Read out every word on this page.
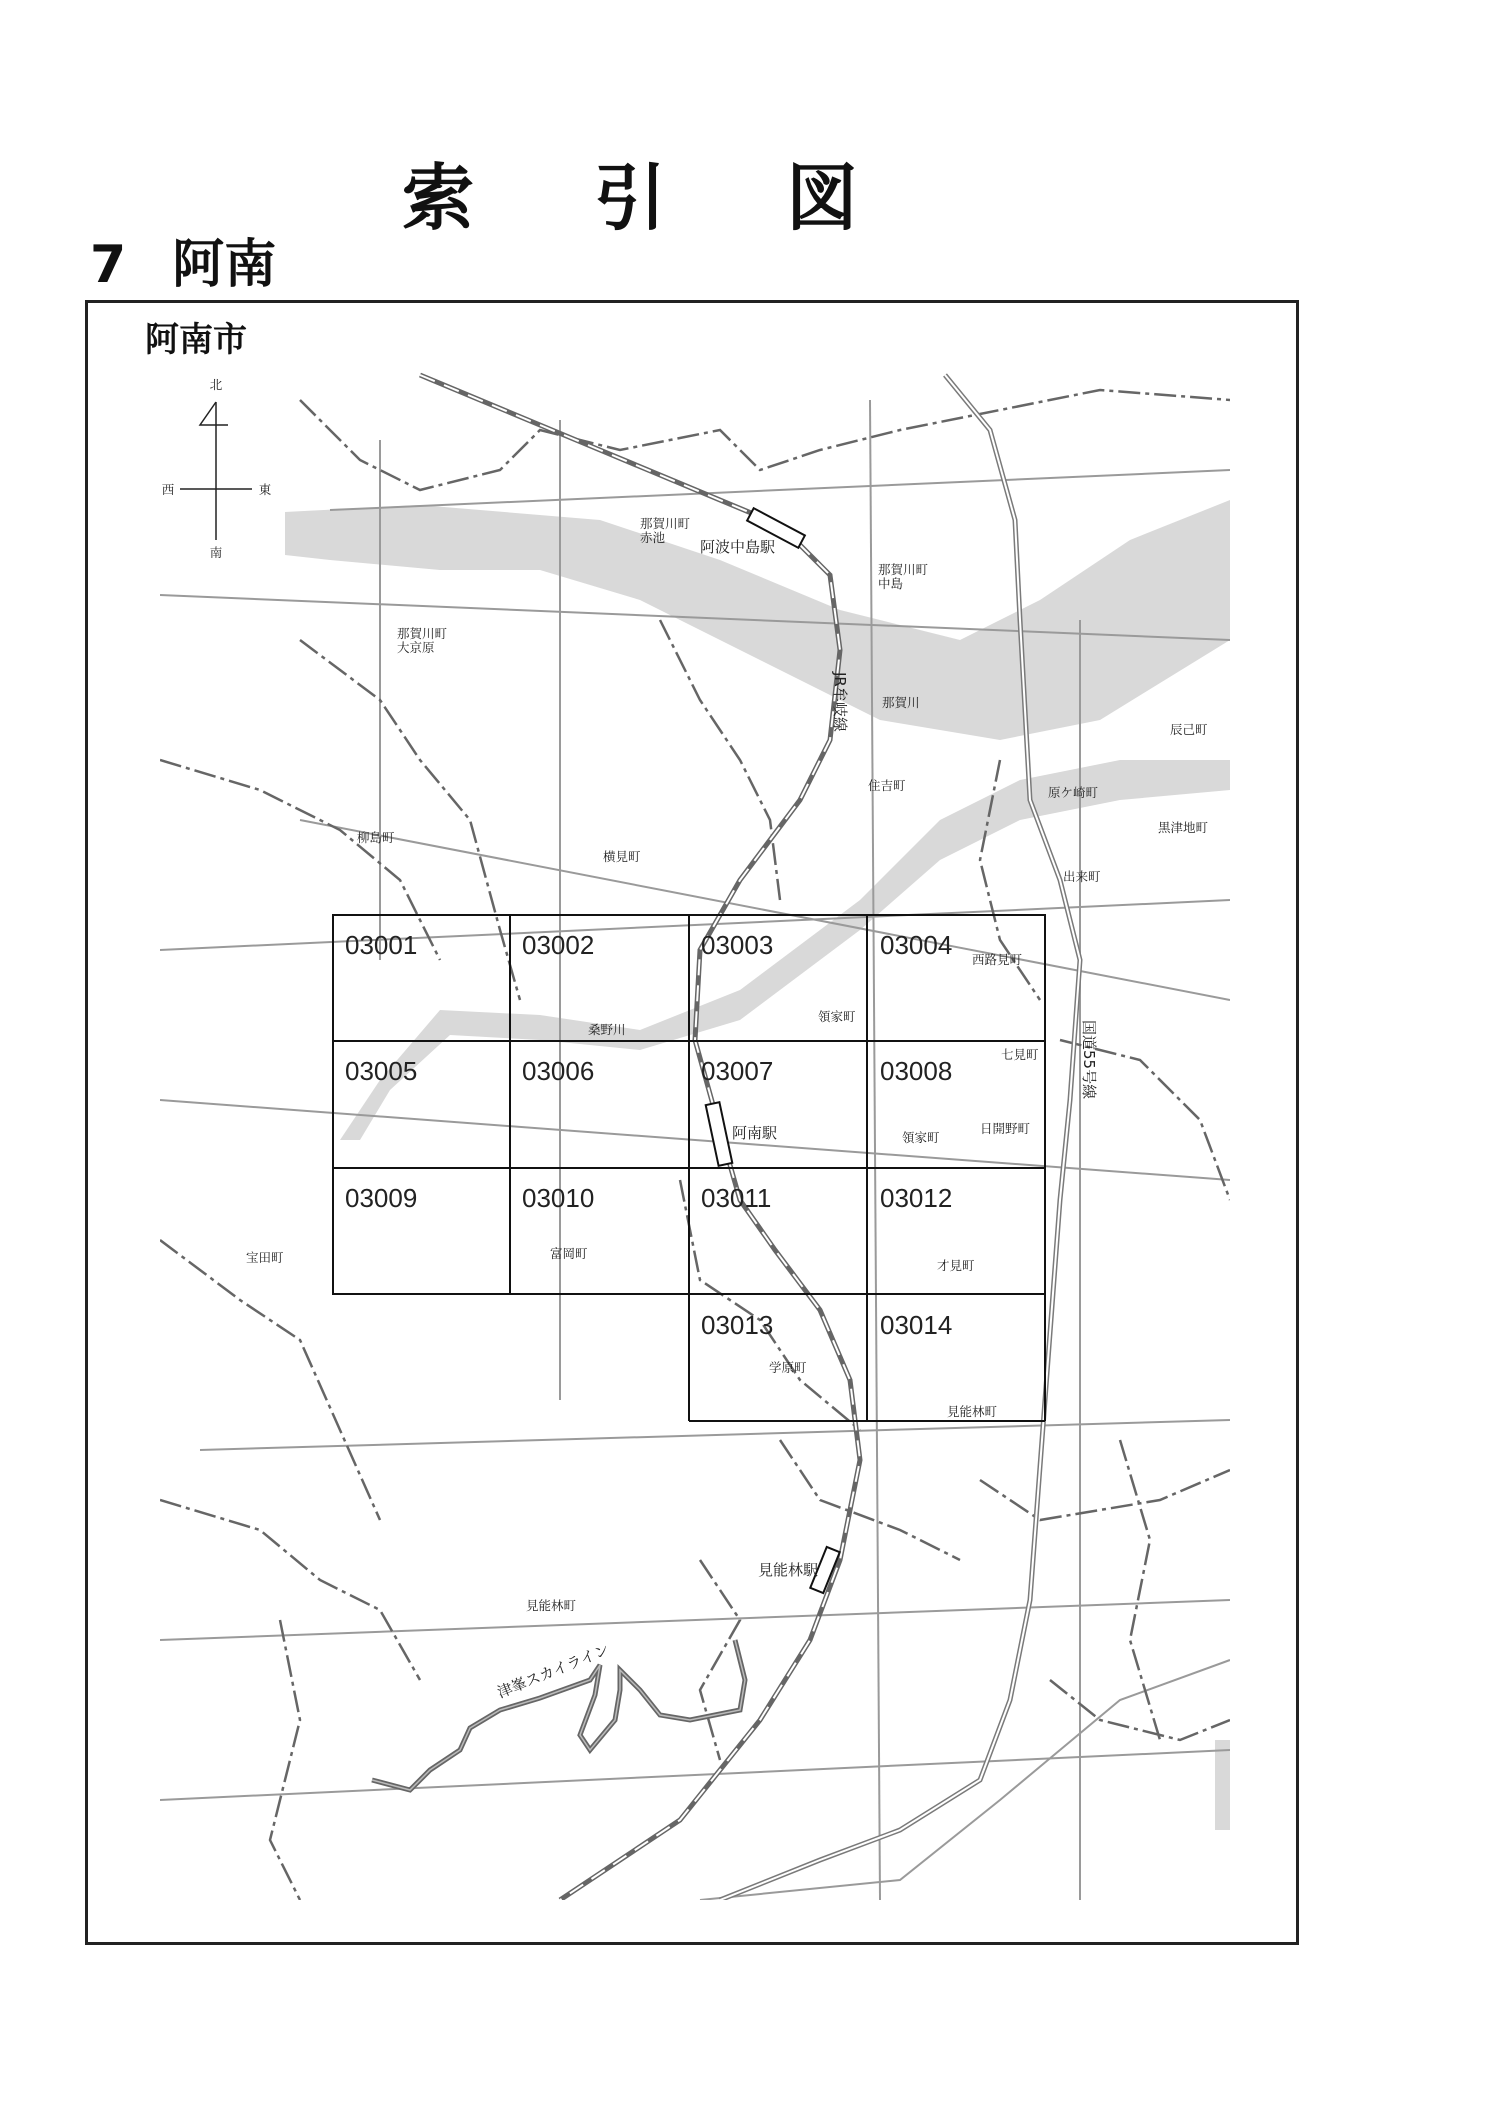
索引図
7 阿南
阿南市
北
南
西	東
03001	03002	03003	03004
03005	03006	03007	03008
03009	03010	03011	03012
03013	03014
阿波中島駅
阿南駅
見能林駅
JR牟岐線
国道55号線
津峯スカイライン
那賀川
桑野川
那賀川町
赤池
那賀川町
中島
那賀川町
大京原
辰己町
住吉町	原ケ崎町
黒津地町
柳島町
横見町
出来町
西路見町
領家町
七見町
領家町
日開野町
宝田町	富岡町
才見町
学原町
見能林町
見能林町
